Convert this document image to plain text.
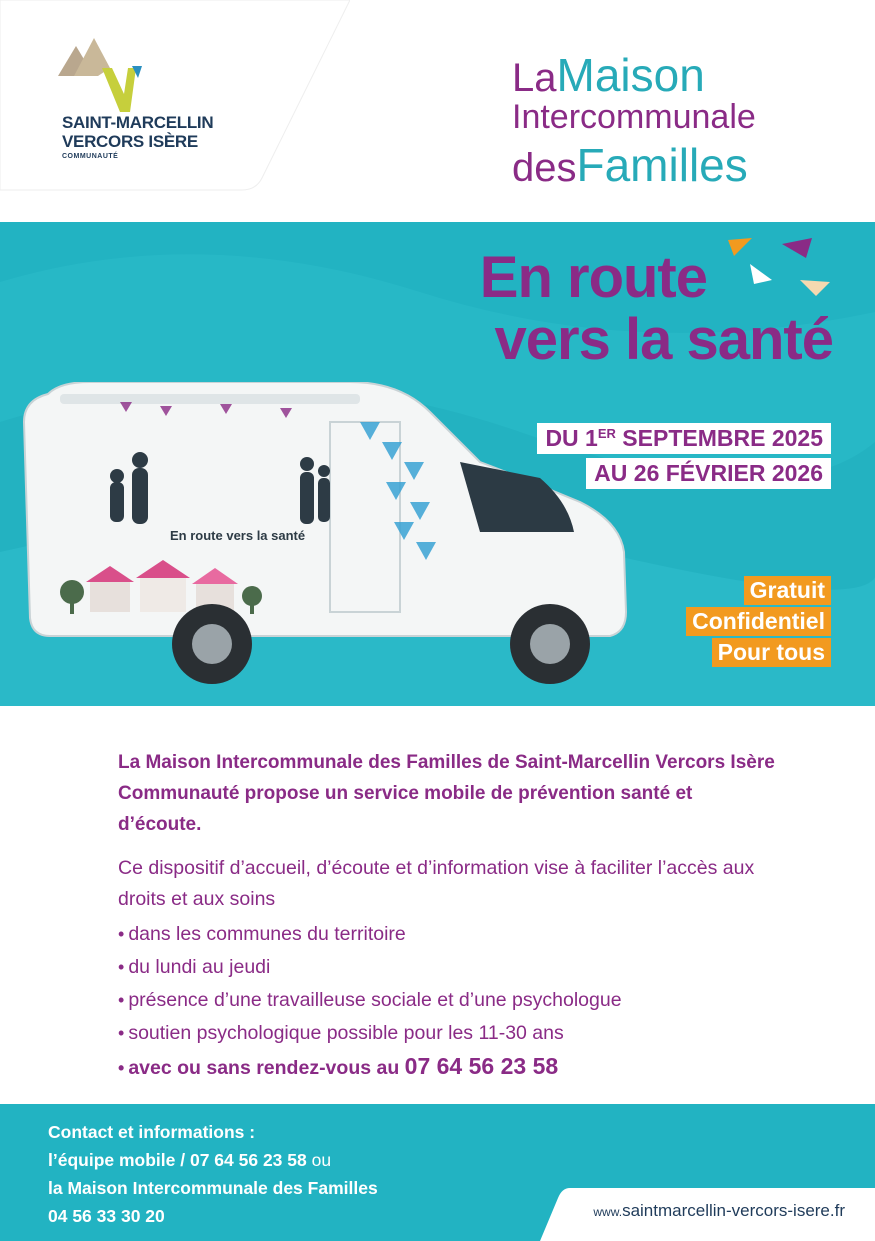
SAINT-MARCELLIN
VERCORS ISÈRE
COMMUNAUTÉ
LaMaison
Intercommunale
desFamilles
En route
vers la santé
En route vers la santé
DU 1ER SEPTEMBRE 2025
AU 26 FÉVRIER 2026
Gratuit
Confidentiel
Pour tous

La Maison Intercommunale des Familles de Saint-Marcellin Vercors Isère Communauté propose un service mobile de prévention santé et d’écoute.

Ce dispositif d’accueil, d’écoute et d’information vise à faciliter l’accès aux droits et aux soins

• dans les communes du territoire
• du lundi au jeudi
• présence d’une travailleuse sociale et d’une psychologue
• soutien psychologique possible pour les 11-30 ans
• avec ou sans rendez-vous au 07 64 56 23 58
Contact et informations :
l’équipe mobile / 07 64 56 23 58 ou
la Maison Intercommunale des Familles
04 56 33 30 20	www.saintmarcellin-vercors-isere.fr
